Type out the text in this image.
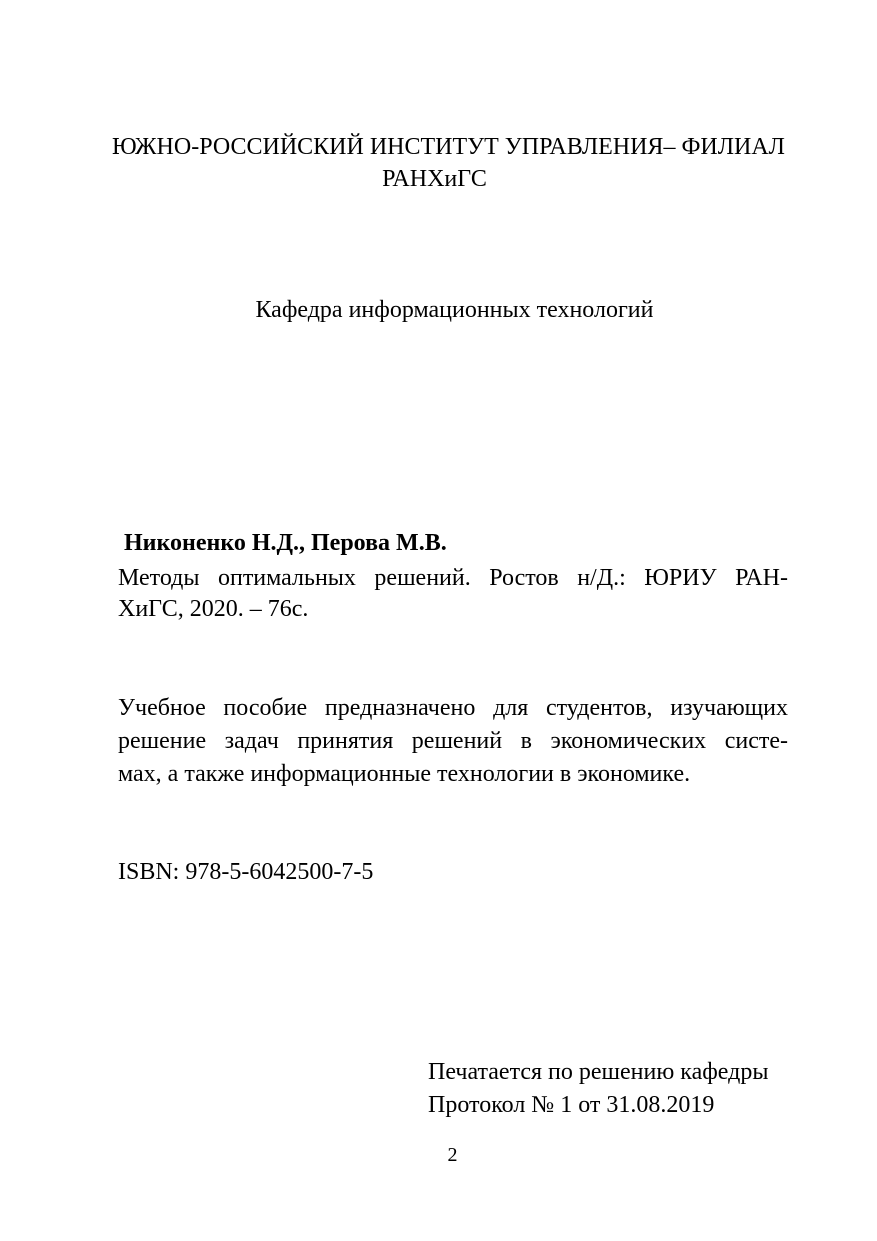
ЮЖНО-РОССИЙСКИЙ ИНСТИТУТ УПРАВЛЕНИЯ– ФИЛИАЛ
РАНХиГС
Кафедра информационных технологий
Никоненко Н.Д., Перова М.В.
Методы оптимальных решений. Ростов н/Д.: ЮРИУ РАН-
ХиГС, 2020. – 76с.
Учебное пособие предназначено для студентов, изучающих
решение задач принятия решений в экономических систе-
мах, а также информационные технологии в экономике.
ISBN: 978-5-6042500-7-5
Печатается по решению кафедры
Протокол № 1 от 31.08.2019
2
